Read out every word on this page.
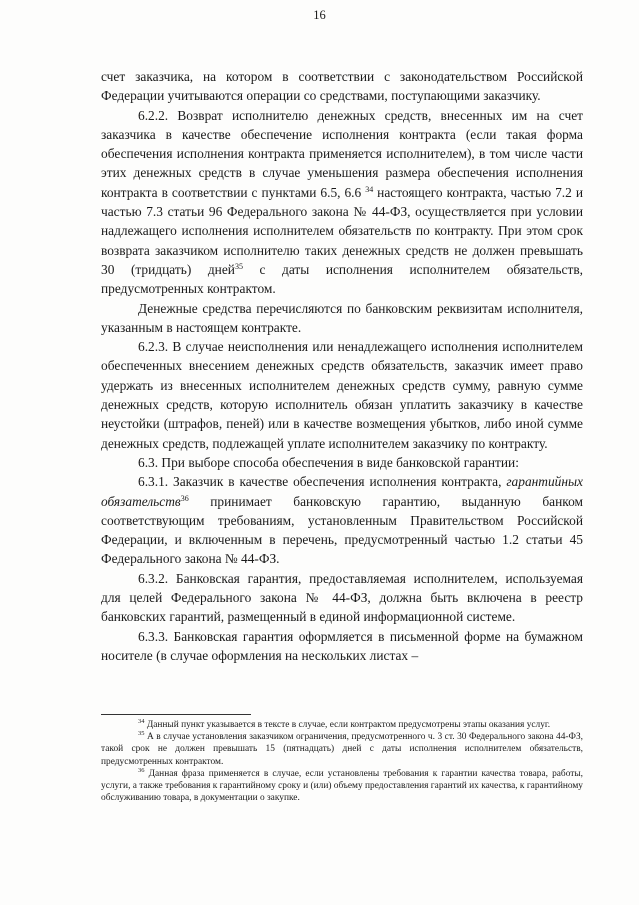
16

счет заказчика, на котором в соответствии с законодательством Российской Федерации учитываются операции со средствами, поступающими заказчику.

6.2.2. Возврат исполнителю денежных средств, внесенных им на счет заказчика в качестве обеспечение исполнения контракта (если такая форма обеспечения исполнения контракта применяется исполнителем), в том числе части этих денежных средств в случае уменьшения размера обеспечения исполнения контракта в соответствии с пунктами 6.5, 6.6 $^{34}$ настоящего контракта, частью 7.2 и частью 7.3 статьи 96 Федерального закона № 44-ФЗ, осуществляется при условии надлежащего исполнения исполнителем обязательств по контракту. При этом срок возврата заказчиком исполнителю таких денежных средств не должен превышать 30 (тридцать) дней$^{35}$ с даты исполнения исполнителем обязательств, предусмотренных контрактом.

Денежные средства перечисляются по банковским реквизитам исполнителя, указанным в настоящем контракте.

6.2.3. В случае неисполнения или ненадлежащего исполнения исполнителем обеспеченных внесением денежных средств обязательств, заказчик имеет право удержать из внесенных исполнителем денежных средств сумму, равную сумме денежных средств, которую исполнитель обязан уплатить заказчику в качестве неустойки (штрафов, пеней) или в качестве возмещения убытков, либо иной сумме денежных средств, подлежащей уплате исполнителем заказчику по контракту.

6.3. При выборе способа обеспечения в виде банковской гарантии:

6.3.1. Заказчик в качестве обеспечения исполнения контракта, гарантийных обязательств$^{36}$ принимает банковскую гарантию, выданную банком соответствующим требованиям, установленным Правительством Российской Федерации, и включенным в перечень, предусмотренный частью 1.2 статьи 45 Федерального закона № 44-ФЗ.

6.3.2. Банковская гарантия, предоставляемая исполнителем, используемая для целей Федерального закона № 44-ФЗ, должна быть включена в реестр банковских гарантий, размещенный в единой информационной системе.

6.3.3. Банковская гарантия оформляется в письменной форме на бумажном носителе (в случае оформления на нескольких листах –

$^{34}$ Данный пункт указывается в тексте в случае, если контрактом предусмотрены этапы оказания услуг.

$^{35}$ А в случае установления заказчиком ограничения, предусмотренного ч. 3 ст. 30 Федерального закона 44-ФЗ, такой срок не должен превышать 15 (пятнадцать) дней с даты исполнения исполнителем обязательств, предусмотренных контрактом.

$^{36}$ Данная фраза применяется в случае, если установлены требования к гарантии качества товара, работы, услуги, а также требования к гарантийному сроку и (или) объему предоставления гарантий их качества, к гарантийному обслуживанию товара, в документации о закупке.
